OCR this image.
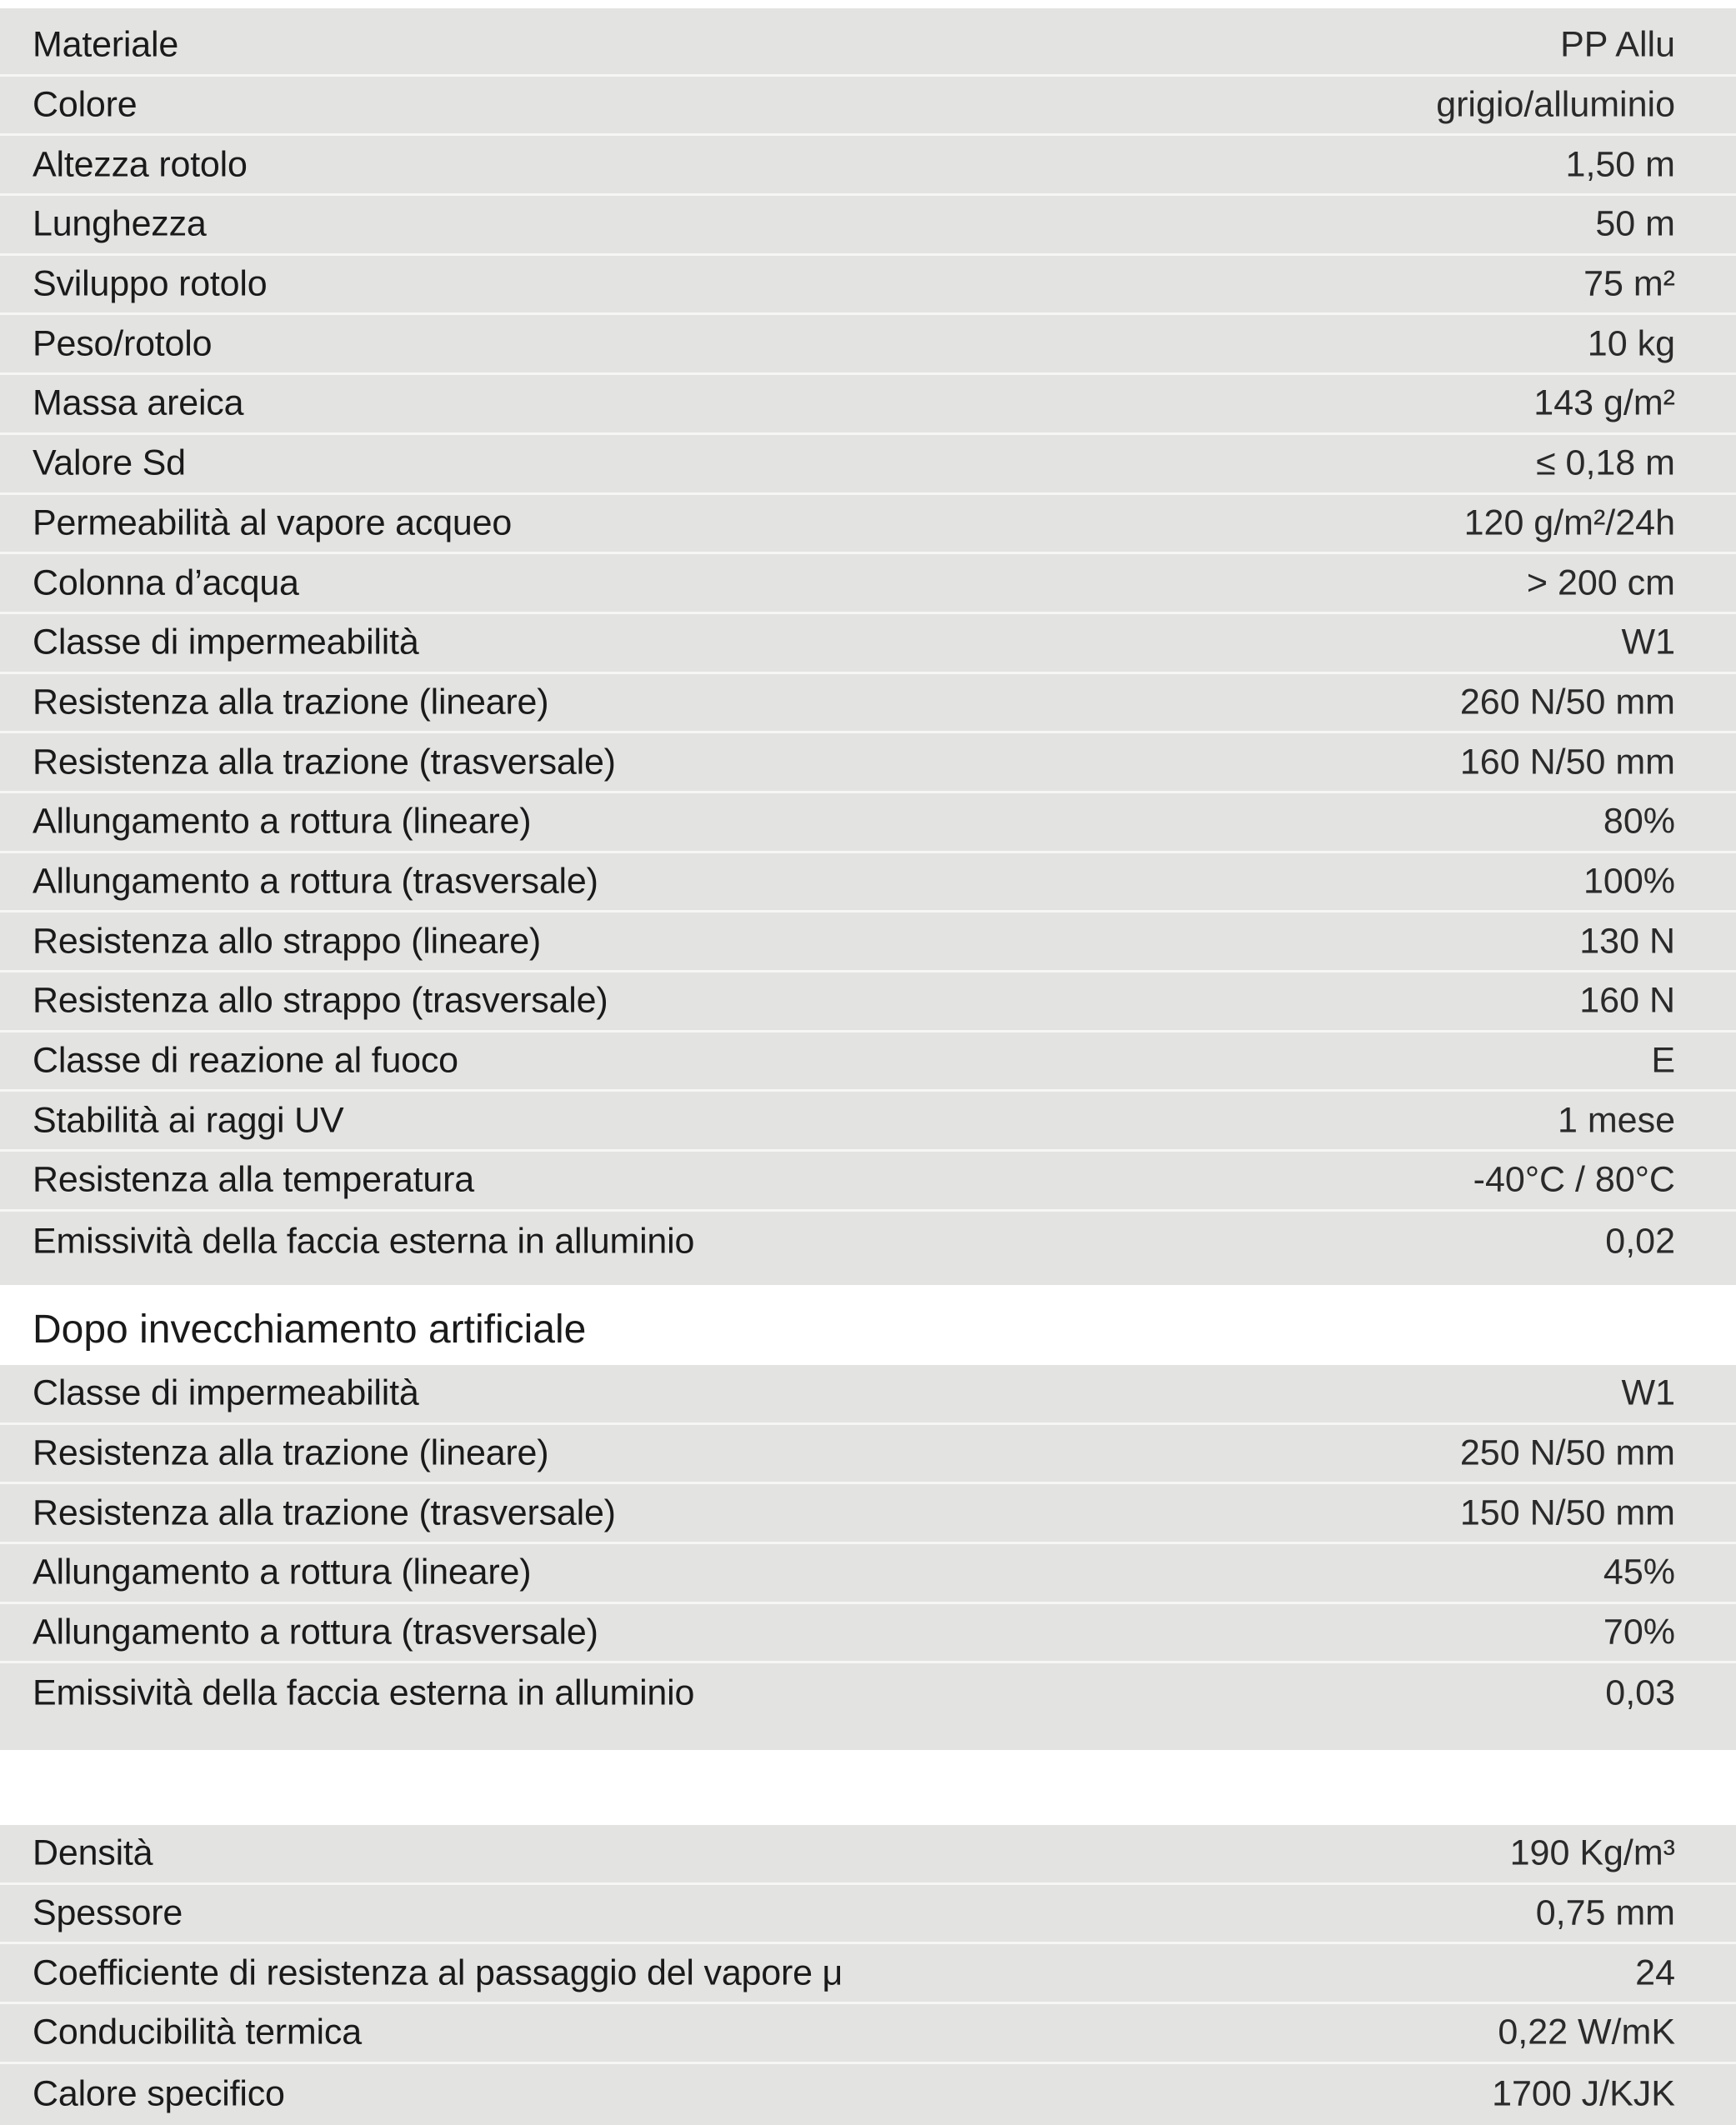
Materiale	PP Allu
Colore	grigio/alluminio
Altezza rotolo	1,50 m
Lunghezza	50 m
Sviluppo rotolo	75 m²
Peso/rotolo	10 kg
Massa areica	143 g/m²
Valore Sd	≤ 0,18 m
Permeabilità al vapore acqueo	120 g/m²/24h
Colonna d’acqua	> 200 cm
Classe di impermeabilità	W1
Resistenza alla trazione (lineare)	260 N/50 mm
Resistenza alla trazione (trasversale)	160 N/50 mm
Allungamento a rottura (lineare)	80%
Allungamento a rottura (trasversale)	100%
Resistenza allo strappo (lineare)	130 N
Resistenza allo strappo (trasversale)	160 N
Classe di reazione al fuoco	E
Stabilità ai raggi UV	1 mese
Resistenza alla temperatura	-40°C / 80°C
Emissività della faccia esterna in alluminio	0,02
Dopo invecchiamento artificiale
Classe di impermeabilità	W1
Resistenza alla trazione (lineare)	250 N/50 mm
Resistenza alla trazione (trasversale)	150 N/50 mm
Allungamento a rottura (lineare)	45%
Allungamento a rottura (trasversale)	70%
Emissività della faccia esterna in alluminio	0,03
Densità	190 Kg/m³
Spessore	0,75 mm
Coefficiente di resistenza al passaggio del vapore μ	24
Conducibilità termica	0,22 W/mK
Calore specifico	1700 J/KJK
